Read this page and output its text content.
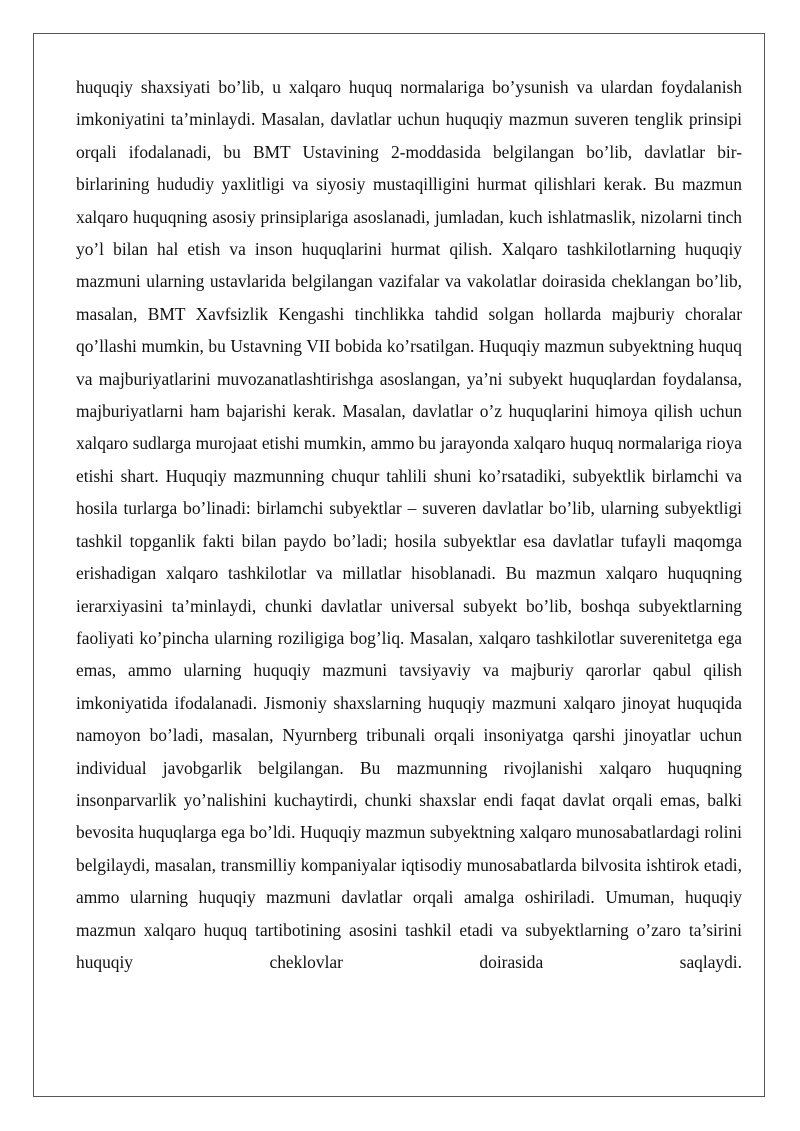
huquqiy shaxsiyati bo’lib, u xalqaro huquq normalariga bo’ysunish va ulardan foydalanish imkoniyatini ta’minlaydi. Masalan, davlatlar uchun huquqiy mazmun suveren tenglik prinsipi orqali ifodalanadi, bu BMT Ustavining 2-moddasida belgilangan bo’lib, davlatlar bir-birlarining hududiy yaxlitligi va siyosiy mustaqilligini hurmat qilishlari kerak. Bu mazmun xalqaro huquqning asosiy prinsiplariga asoslanadi, jumladan, kuch ishlatmaslik, nizolarni tinch yo’l bilan hal etish va inson huquqlarini hurmat qilish. Xalqaro tashkilotlarning huquqiy mazmuni ularning ustavlarida belgilangan vazifalar va vakolatlar doirasida cheklangan bo’lib, masalan, BMT Xavfsizlik Kengashi tinchlikka tahdid solgan hollarda majburiy choralar qo’llashi mumkin, bu Ustavning VII bobida ko’rsatilgan. Huquqiy mazmun subyektning huquq va majburiyatlarini muvozanatlashtirishga asoslangan, ya’ni subyekt huquqlardan foydalansa, majburiyatlarni ham bajarishi kerak. Masalan, davlatlar o’z huquqlarini himoya qilish uchun xalqaro sudlarga murojaat etishi mumkin, ammo bu jarayonda xalqaro huquq normalariga rioya etishi shart. Huquqiy mazmunning chuqur tahlili shuni ko’rsatadiki, subyektlik birlamchi va hosila turlarga bo’linadi: birlamchi subyektlar – suveren davlatlar bo’lib, ularning subyektligi tashkil topganlik fakti bilan paydo bo’ladi; hosila subyektlar esa davlatlar tufayli maqomga erishadigan xalqaro tashkilotlar va millatlar hisoblanadi. Bu mazmun xalqaro huquqning ierarxiyasini ta’minlaydi, chunki davlatlar universal subyekt bo’lib, boshqa subyektlarning faoliyati ko’pincha ularning roziligiga bog’liq. Masalan, xalqaro tashkilotlar suverenitetga ega emas, ammo ularning huquqiy mazmuni tavsiyaviy va majburiy qarorlar qabul qilish imkoniyatida ifodalanadi. Jismoniy shaxslarning huquqiy mazmuni xalqaro jinoyat huquqida namoyon bo’ladi, masalan, Nyurnberg tribunali orqali insoniyatga qarshi jinoyatlar uchun individual javobgarlik belgilangan. Bu mazmunning rivojlanishi xalqaro huquqning insonparvarlik yo’nalishini kuchaytirdi, chunki shaxslar endi faqat davlat orqali emas, balki bevosita huquqlarga ega bo’ldi. Huquqiy mazmun subyektning xalqaro munosabatlardagi rolini belgilaydi, masalan, transmilliy kompaniyalar iqtisodiy munosabatlarda bilvosita ishtirok etadi, ammo ularning huquqiy mazmuni davlatlar orqali amalga oshiriladi. Umuman, huquqiy mazmun xalqaro huquq tartibotining asosini tashkil etadi va subyektlarning o’zaro ta’sirini huquqiy cheklovlar doirasida saqlaydi.
